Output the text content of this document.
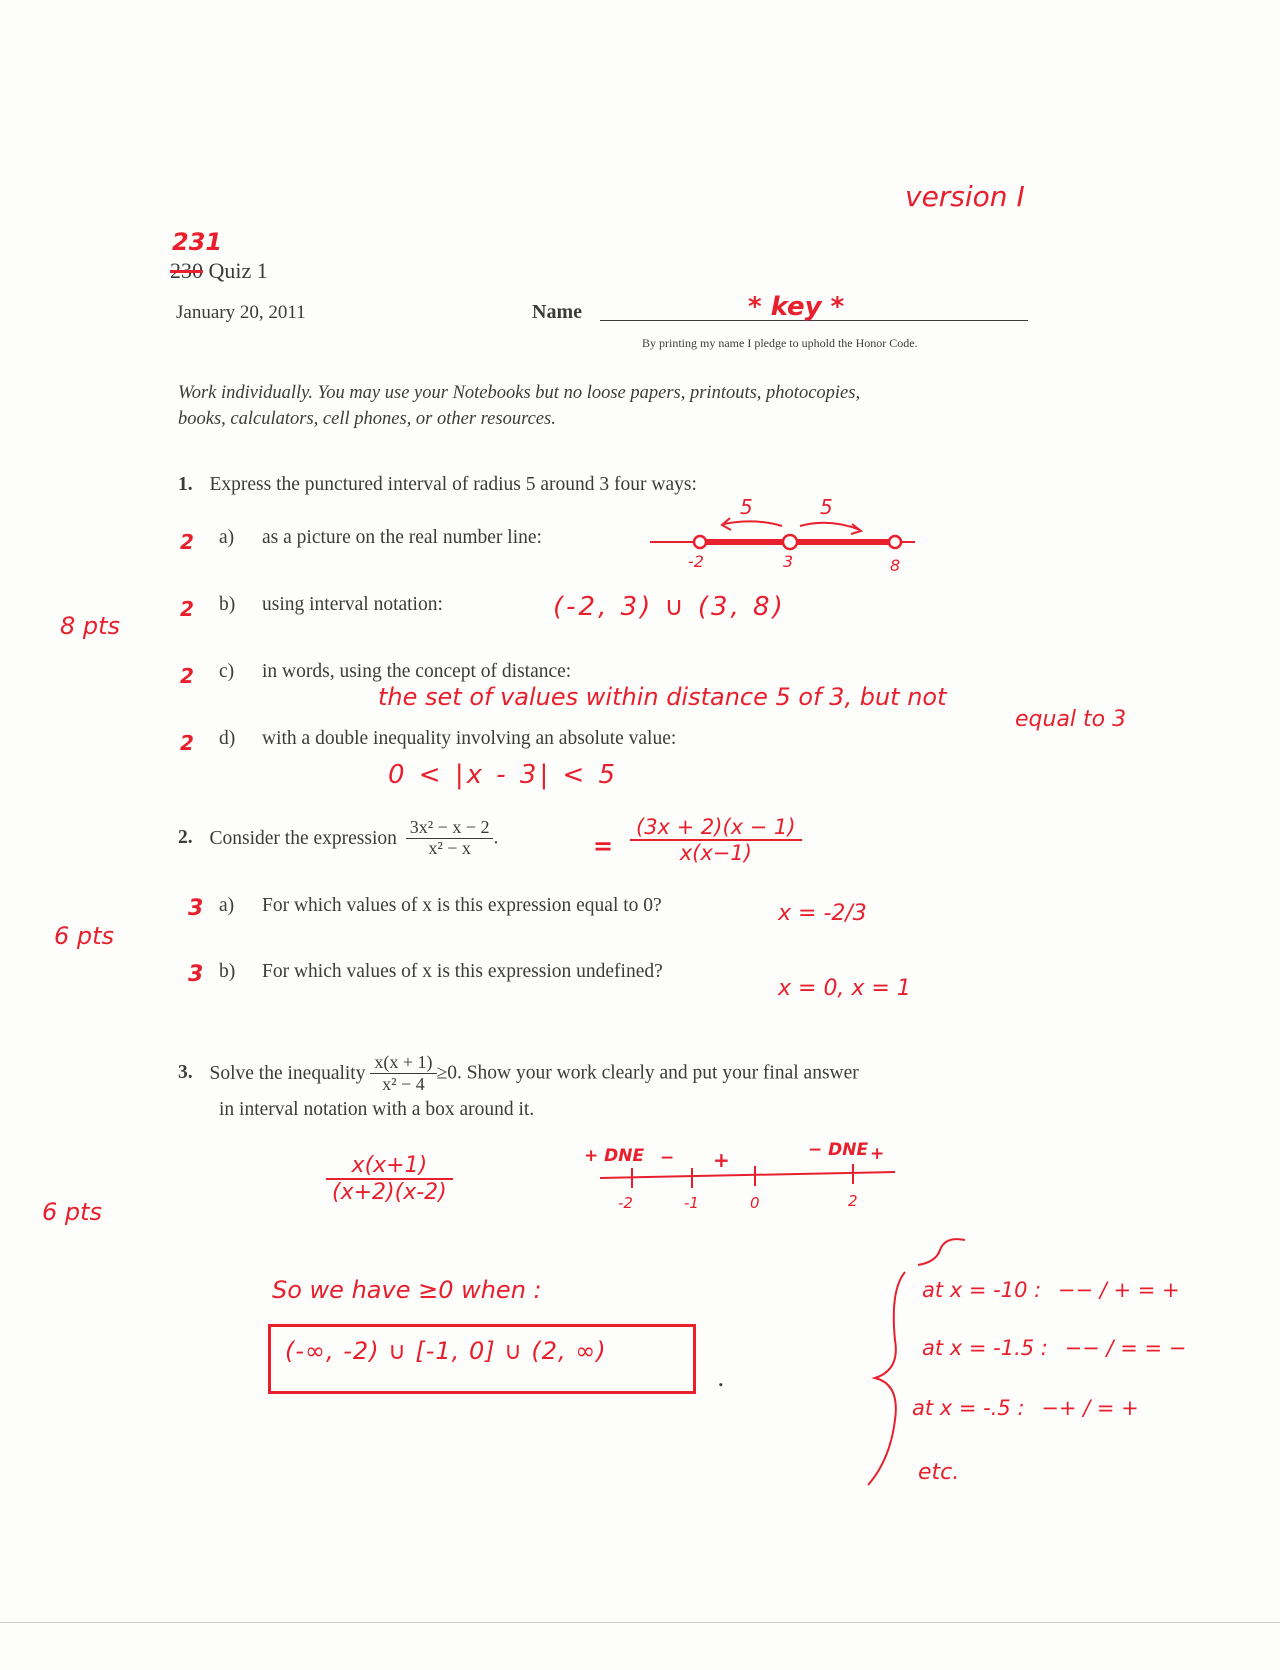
version I
231
230 Quiz 1
January 20, 2011	Name	* key *
By printing my name I pledge to uphold the Honor Code.
Work individually. You may use your Notebooks but no loose papers, printouts, photocopies,
books, calculators, cell phones, or other resources.
1. Express the punctured interval of radius 5 around 3 four ways:
8 pts
2 a) as a picture on the real number line:
5	5
-2	3	8
2 b) using interval notation:	(-2, 3) ∪ (3, 8)
2 c) in words, using the concept of distance:
the set of values within distance 5 of 3, but not
equal to 3
2 d) with a double inequality involving an absolute value:
0 < |x - 3| < 5
2. Consider the expression $\frac{\text{3x² − x − 2}}{\text{x² − x}}$ .	= $\frac{(3x + 2)(x - 1)}{x(x-1)}$
6 pts
3 a) For which values of x is this expression equal to 0?	x = -2/3
3 b) For which values of x is this expression undefined?
x = 0, x = 1
3. Solve the inequality $\frac{x(x + 1)}{\text{x² − 4}} \ge 0$. Show your work clearly and put your final answer
in interval notation with a box around it.
6 pts
$\frac{x(x+1)}{(x+2)(x-2)}$	+ DNE − +	− DNE +
-2	-1	0	2
So we have ≥0 when :
(-∞, -2) ∪ [-1, 0] ∪ (2, ∞)
.
at x = -10 : −− / + = +
at x = -1.5 : −− / = = −
at x = -.5 : −+ / = +
etc.
